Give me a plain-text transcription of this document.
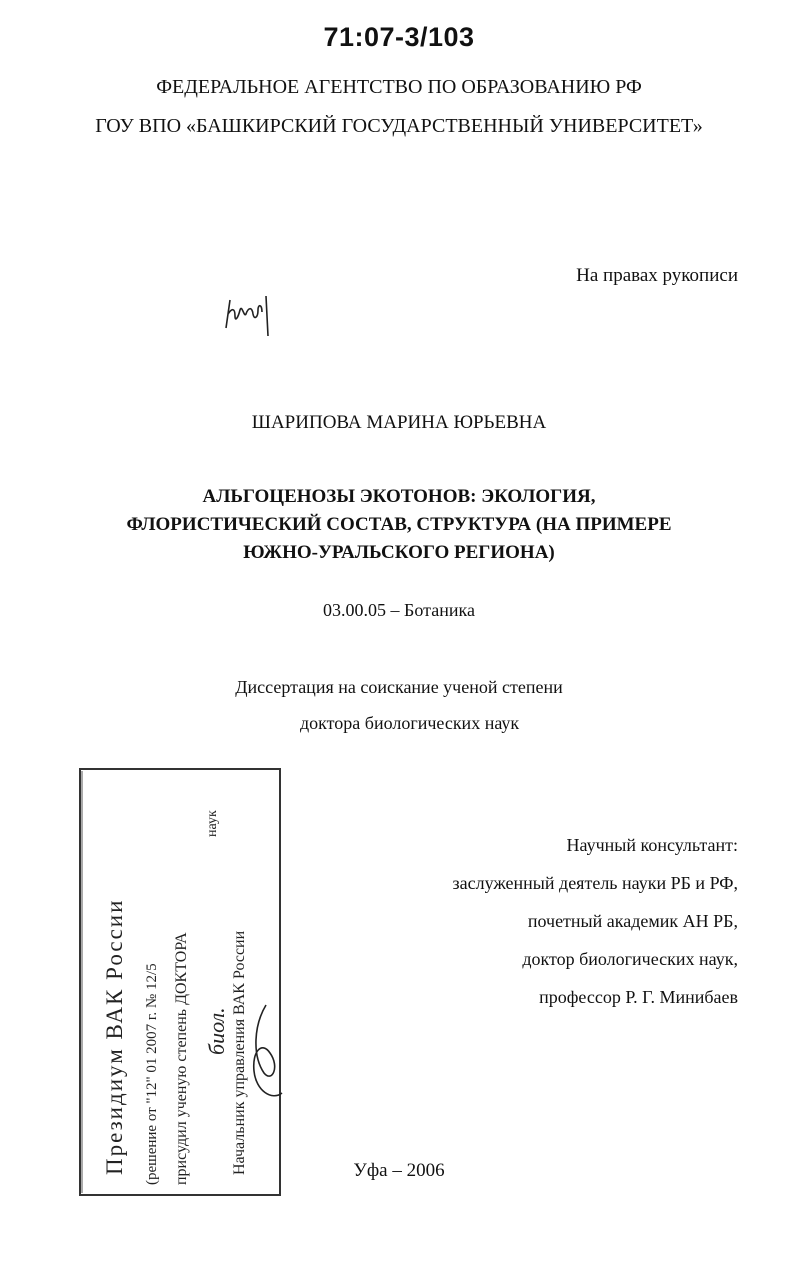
71:07-3/103
ФЕДЕРАЛЬНОЕ АГЕНТСТВО ПО ОБРАЗОВАНИЮ РФ
ГОУ ВПО «БАШКИРСКИЙ ГОСУДАРСТВЕННЫЙ УНИВЕРСИТЕТ»
На правах рукописи
ШАРИПОВА МАРИНА ЮРЬЕВНА
АЛЬГОЦЕНОЗЫ ЭКОТОНОВ: ЭКОЛОГИЯ,
ФЛОРИСТИЧЕСКИЙ СОСТАВ, СТРУКТУРА (НА ПРИМЕРЕ
ЮЖНО-УРАЛЬСКОГО РЕГИОНА)
03.00.05 – Ботаника
Диссертация на соискание ученой степени
доктора биологических наук
Научный консультант:
заслуженный деятель науки РБ и РФ,
почетный академик АН РБ,
доктор биологических наук,
профессор Р. Г. Минибаев
Президиум ВАК России (решение от "12" 01 2007 г. № 12/5 присудил ученую степень ДОКТОРА
наук
Начальник управления ВАК России
биол.
Уфа – 2006
